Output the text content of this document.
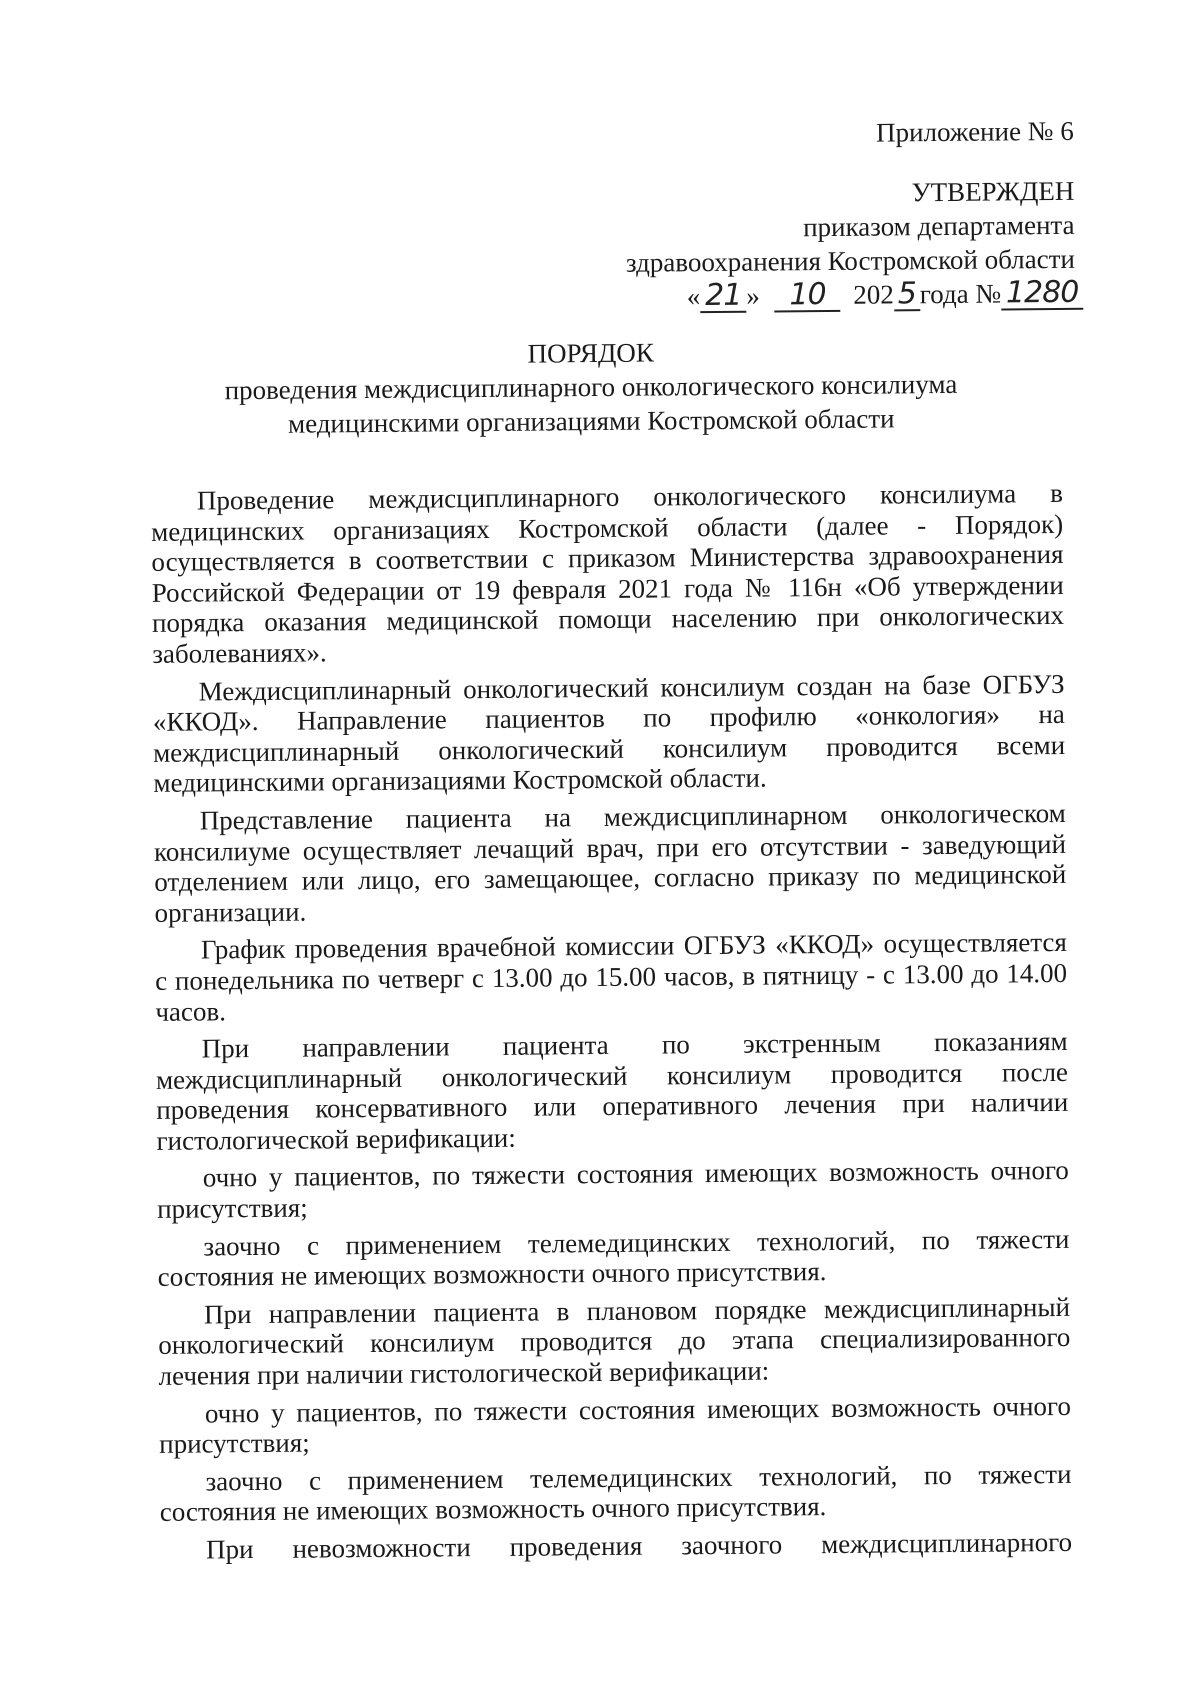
Приложение № 6
УТВЕРЖДЕН
приказом департамента
здравоохранения Костромской области
« 21 » 10 202 5 года № 1280
ПОРЯДОК
проведения междисциплинарного онкологического консилиума
медицинскими организациями Костромской области

Проведение междисциплинарного онкологического консилиума в медицинских организациях Костромской области (далее - Порядок) осуществляется в соответствии с приказом Министерства здравоохранения Российской Федерации от 19 февраля 2021 года № 116н «Об утверждении порядка оказания медицинской помощи населению при онкологических заболеваниях».

Междисциплинарный онкологический консилиум создан на базе ОГБУЗ «ККОД». Направление пациентов по профилю «онкология» на междисциплинарный онкологический консилиум проводится всеми медицинскими организациями Костромской области.

Представление пациента на междисциплинарном онкологическом консилиуме осуществляет лечащий врач, при его отсутствии - заведующий отделением или лицо, его замещающее, согласно приказу по медицинской организации.

График проведения врачебной комиссии ОГБУЗ «ККОД» осуществляется с понедельника по четверг с 13.00 до 15.00 часов, в пятницу - с 13.00 до 14.00 часов.

При направлении пациента по экстренным показаниям междисциплинарный онкологический консилиум проводится после проведения консервативного или оперативного лечения при наличии гистологической верификации:

очно у пациентов, по тяжести состояния имеющих возможность очного присутствия;

заочно с применением телемедицинских технологий, по тяжести состояния не имеющих возможности очного присутствия.

При направлении пациента в плановом порядке междисциплинарный онкологический консилиум проводится до этапа специализированного лечения при наличии гистологической верификации:

очно у пациентов, по тяжести состояния имеющих возможность очного присутствия;

заочно с применением телемедицинских технологий, по тяжести состояния не имеющих возможность очного присутствия.

При невозможности проведения заочного междисциплинарного
